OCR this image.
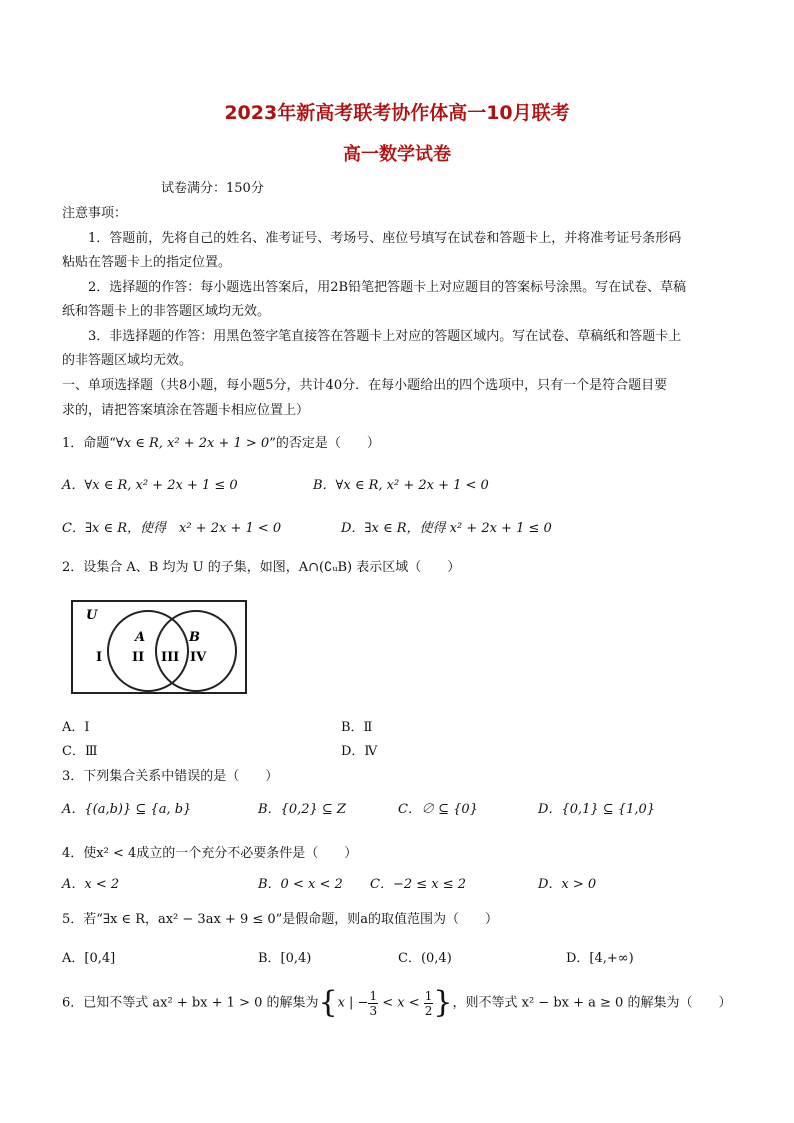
2023年新高考联考协作体高一10月联考
高一数学试卷
试卷满分：150分
注意事项：
1．答题前，先将自己的姓名、准考证号、考场号、座位号填写在试卷和答题卡上，并将准考证号条形码
粘贴在答题卡上的指定位置。
2．选择题的作答：每小题选出答案后，用2B铅笔把答题卡上对应题目的答案标号涂黑。写在试卷、草稿
纸和答题卡上的非答题区域均无效。
3．非选择题的作答：用黑色签字笔直接答在答题卡上对应的答题区域内。写在试卷、草稿纸和答题卡上
的非答题区域均无效。
一、单项选择题（共8小题，每小题5分，共计40分．在每小题给出的四个选项中，只有一个是符合题目要
求的，请把答案填涂在答题卡相应位置上）
1．命题“∀x ∈ R, x² + 2x + 1 > 0”的否定是（　　）
A．∀x ∈ R, x² + 2x + 1 ≤ 0	B．∀x ∈ R, x² + 2x + 1 < 0
C．∃x ∈ R，使得　x² + 2x + 1 < 0	D．∃x ∈ R，使得 x² + 2x + 1 ≤ 0
2．设集合 A、B 均为 U 的子集，如图，A∩(∁ᵤB) 表示区域（　　）
U
A	B
I II III IV
A．Ⅰ	B．Ⅱ
C．Ⅲ	D．Ⅳ
3．下列集合关系中错误的是（　　）
A．{(a,b)} ⊆ {a, b}	B．{0,2} ⊆ Z	C．∅ ⊆ {0}	D．{0,1} ⊆ {1,0}
4．使x² < 4成立的一个充分不必要条件是（　　）
A．x < 2	B．0 < x < 2 C．−2 ≤ x ≤ 2	D．x > 0
5．若“∃x ∈ R，ax² − 3ax + 9 ≤ 0”是假命题，则a的取值范围为（　　）
A．[0,4]	B．[0,4)	C．(0,4)	D．[4,+∞)
6．已知不等式 ax² + bx + 1 > 0 的解集为{x | − $\frac{1}{3} < x < \frac{1}{2}$ }，则不等式 x² − bx + a ≥ 0 的解集为（　　）
